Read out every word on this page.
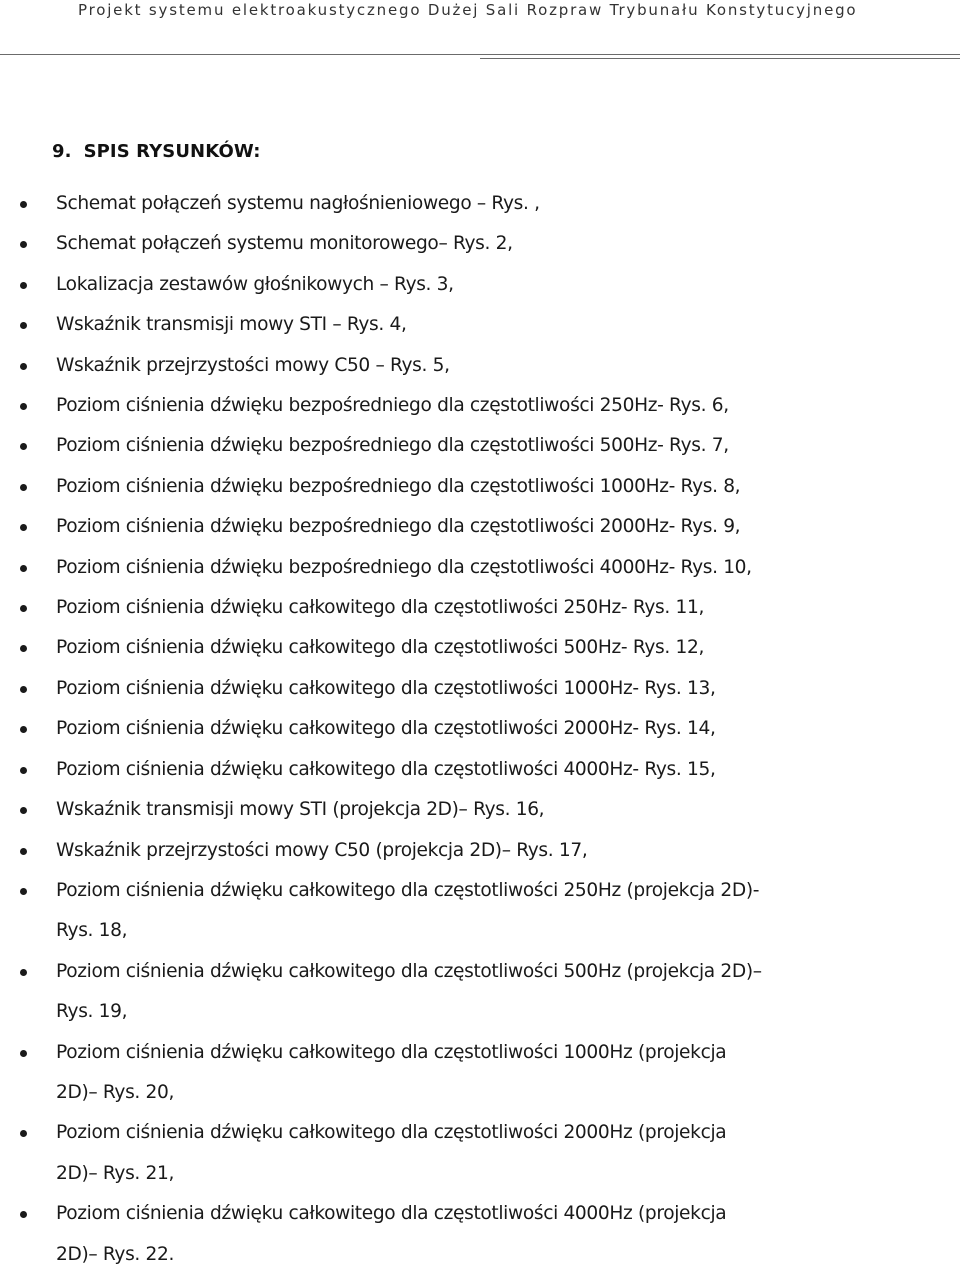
Projekt systemu elektroakustycznego Dużej Sali Rozpraw Trybunału Konstytucyjnego
9. SPIS RYSUNKÓW:
Schemat połączeń systemu nagłośnieniowego – Rys. ,
Schemat połączeń systemu monitorowego– Rys. 2,
Lokalizacja zestawów głośnikowych – Rys. 3,
Wskaźnik transmisji mowy STI – Rys. 4,
Wskaźnik przejrzystości mowy C50 – Rys. 5,
Poziom ciśnienia dźwięku bezpośredniego dla częstotliwości 250Hz- Rys. 6,
Poziom ciśnienia dźwięku bezpośredniego dla częstotliwości 500Hz- Rys. 7,
Poziom ciśnienia dźwięku bezpośredniego dla częstotliwości 1000Hz- Rys. 8,
Poziom ciśnienia dźwięku bezpośredniego dla częstotliwości 2000Hz- Rys. 9,
Poziom ciśnienia dźwięku bezpośredniego dla częstotliwości 4000Hz- Rys. 10,
Poziom ciśnienia dźwięku całkowitego dla częstotliwości 250Hz- Rys. 11,
Poziom ciśnienia dźwięku całkowitego dla częstotliwości 500Hz- Rys. 12,
Poziom ciśnienia dźwięku całkowitego dla częstotliwości 1000Hz- Rys. 13,
Poziom ciśnienia dźwięku całkowitego dla częstotliwości 2000Hz- Rys. 14,
Poziom ciśnienia dźwięku całkowitego dla częstotliwości 4000Hz- Rys. 15,
Wskaźnik transmisji mowy STI (projekcja 2D)– Rys. 16,
Wskaźnik przejrzystości mowy C50 (projekcja 2D)– Rys. 17,
Poziom ciśnienia dźwięku całkowitego dla częstotliwości 250Hz (projekcja 2D)-
Rys. 18,
Poziom ciśnienia dźwięku całkowitego dla częstotliwości 500Hz (projekcja 2D)–
Rys. 19,
Poziom ciśnienia dźwięku całkowitego dla częstotliwości 1000Hz (projekcja
2D)– Rys. 20,
Poziom ciśnienia dźwięku całkowitego dla częstotliwości 2000Hz (projekcja
2D)– Rys. 21,
Poziom ciśnienia dźwięku całkowitego dla częstotliwości 4000Hz (projekcja
2D)– Rys. 22.
